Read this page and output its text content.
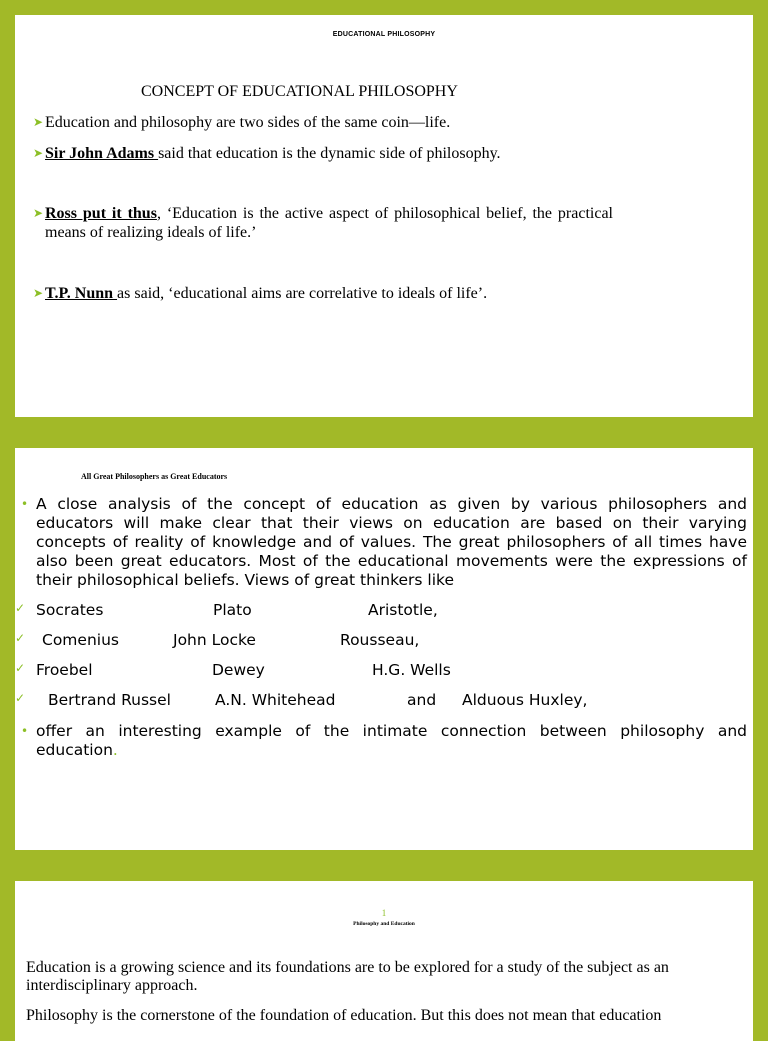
EDUCATIONAL PHILOSOPHY
CONCEPT OF EDUCATIONAL PHILOSOPHY
➤ Education and philosophy are two sides of the same coin—life.
➤ Sir John Adams said that education is the dynamic side of philosophy.
➤ Ross put it thus, ‘Education is the active aspect of philosophical belief, the practical means of realizing ideals of life.’
➤ T.P. Nunn as said, ‘educational aims are correlative to ideals of life’.
All Great Philosophers as Great Educators
• A close analysis of the concept of education as given by various philosophers and educators will make clear that their views on education are based on their varying concepts of reality of knowledge and of values. The great philosophers of all times have also been great educators. Most of the educational movements were the expressions of their philosophical beliefs. Views of great thinkers like
✓ Socrates	Plato	Aristotle,
✓ Comenius	John Locke	Rousseau,
✓ Froebel	Dewey	H.G. Wells
✓ Bertrand Russel	A.N. Whitehead	and Alduous Huxley,
• offer an interesting example of the intimate connection between philosophy and education.
1
Philosophy and Education
Education is a growing science and its foundations are to be explored for a study of the subject as an interdisciplinary approach.
Philosophy is the cornerstone of the foundation of education. But this does not mean that education
